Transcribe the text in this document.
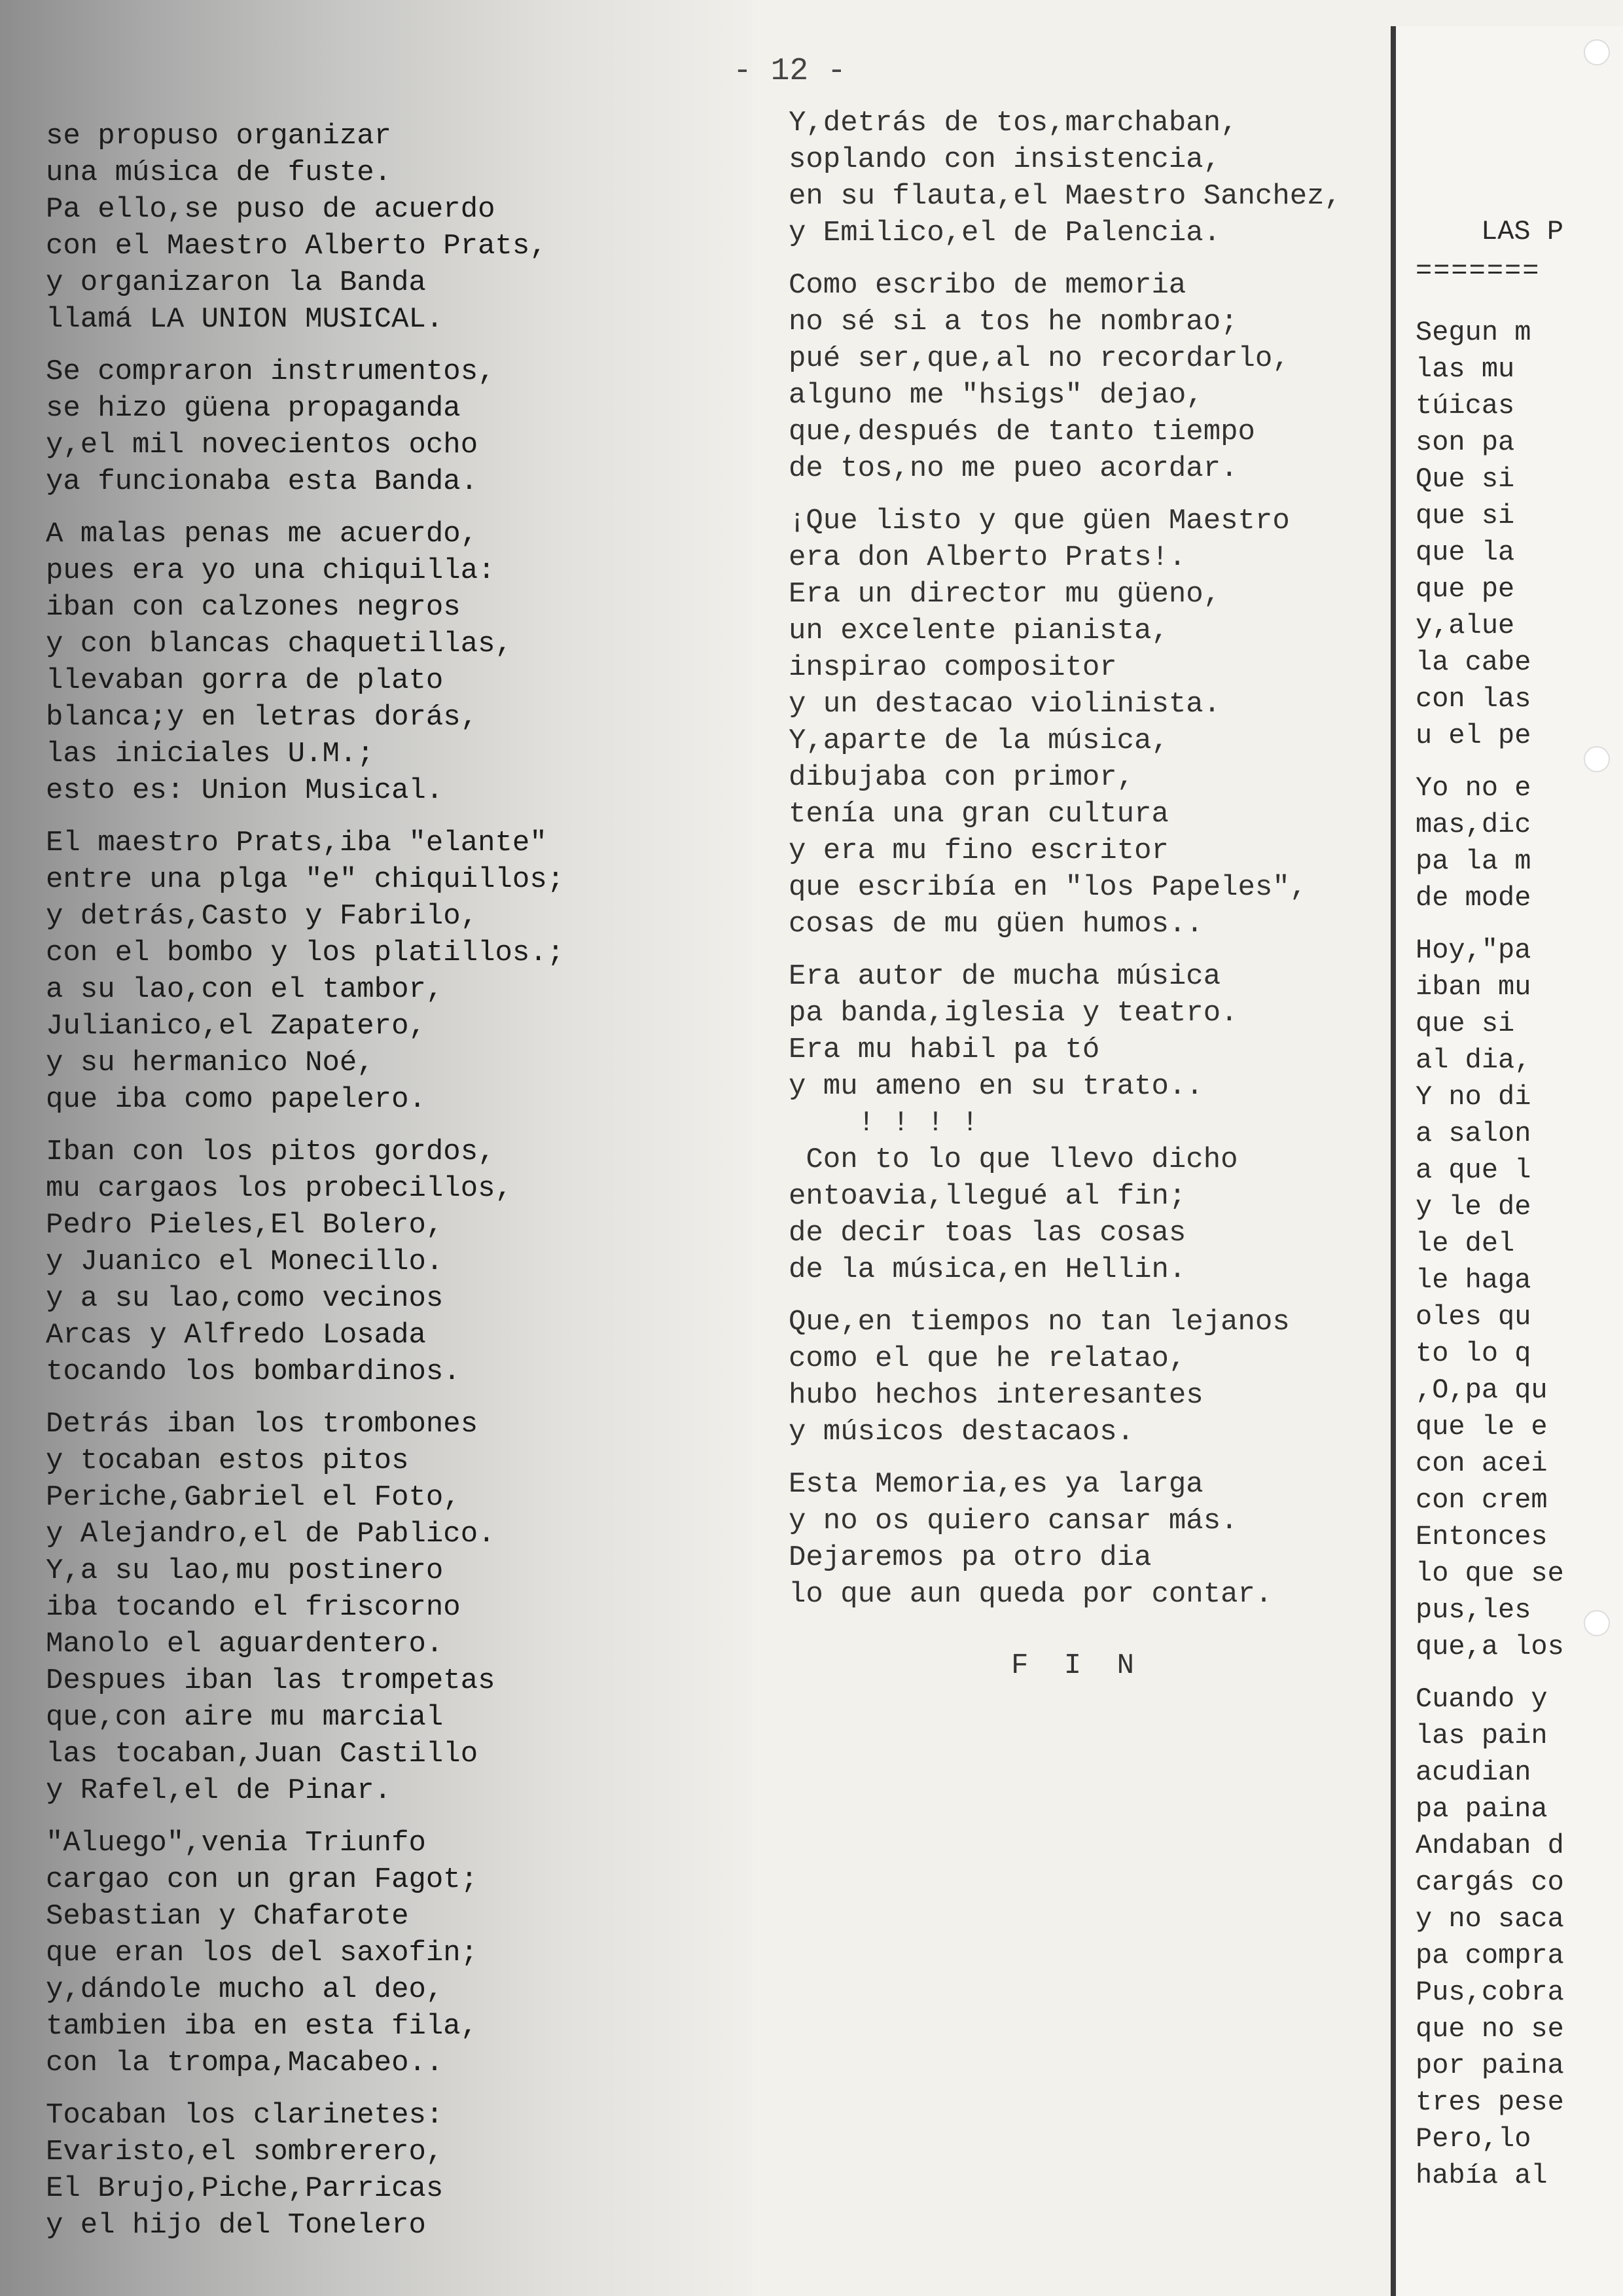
- 12 -
se propuso organizar
una música de fuste.
Pa ello,se puso de acuerdo
con el Maestro Alberto Prats,
y organizaron la Banda
llamá LA UNION MUSICAL.
Se compraron instrumentos,
se hizo güena propaganda
y,el mil novecientos ocho
ya funcionaba esta Banda.
A malas penas me acuerdo,
pues era yo una chiquilla:
iban con calzones negros
y con blancas chaquetillas,
llevaban gorra de plato
blanca;y en letras dorás,
las iniciales U.M.;
esto es: Union Musical.
El maestro Prats,iba "elante"
entre una plga "e" chiquillos;
y detrás,Casto y Fabrilo,
con el bombo y los platillos.;
a su lao,con el tambor,
Julianico,el Zapatero,
y su hermanico Noé,
que iba como papelero.
Iban con los pitos gordos,
mu cargaos los probecillos,
Pedro Pieles,El Bolero,
y Juanico el Monecillo.
y a su lao,como vecinos
Arcas y Alfredo Losada
tocando los bombardinos.
Detrás iban los trombones
y tocaban estos pitos
Periche,Gabriel el Foto,
y Alejandro,el de Pablico.
Y,a su lao,mu postinero
iba tocando el friscorno
Manolo el aguardentero.
Despues iban las trompetas
que,con aire mu marcial
las tocaban,Juan Castillo
y Rafel,el de Pinar.
"Aluego",venia Triunfo
cargao con un gran Fagot;
Sebastian y Chafarote
que eran los del saxofin;
y,dándole mucho al deo,
tambien iba en esta fila,
con la trompa,Macabeo..
Tocaban los clarinetes:
Evaristo,el sombrerero,
El Brujo,Piche,Parricas
y el hijo del Tonelero
Y,detrás de tos,marchaban,
soplando con insistencia,
en su flauta,el Maestro Sanchez,
y Emilico,el de Palencia.
Como escribo de memoria
no sé si a tos he nombrao;
pué ser,que,al no recordarlo,
alguno me "hsigs" dejao,
que,después de tanto tiempo
de tos,no me pueo acordar.
¡Que listo y que güen Maestro
era don Alberto Prats!.
Era un director mu güeno,
un excelente pianista,
inspirao compositor
y un destacao violinista.
Y,aparte de la música,
dibujaba con primor,
tenía una gran cultura
y era mu fino escritor
que escribía en "los Papeles",
cosas de mu güen humos..
Era autor de mucha música
pa banda,iglesia y teatro.
Era mu habil pa tó
y mu ameno en su trato..
! ! ! !
Con to lo que llevo dicho
entoavia,llegué al fin;
de decir toas las cosas
de la música,en Hellin.
Que,en tiempos no tan lejanos
como el que he relatao,
hubo hechos interesantes
y músicos destacaos.
Esta Memoria,es ya larga
y no os quiero cansar más.
Dejaremos pa otro dia
lo que aun queda por contar.
F I N
LAS P
=======
Segun m
las mu
túicas
son pa
Que si
que si
que la
que pe
y,alue
la cabe
con las
u el pe
Yo no e
mas,dic
pa la m
de mode
Hoy,"pa
iban mu
que si
al dia,
Y no di
a salon
a que l
y le de
le del
le haga
oles qu
to lo q
,O,pa qu
que le e
con acei
con crem
Entonces
lo que se
pus,les
que,a los
Cuando y
las pain
acudian
pa paina
Andaban d
cargás co
y no saca
pa compra
Pus,cobra
que no se
por paina
tres pese
Pero,lo
había al
